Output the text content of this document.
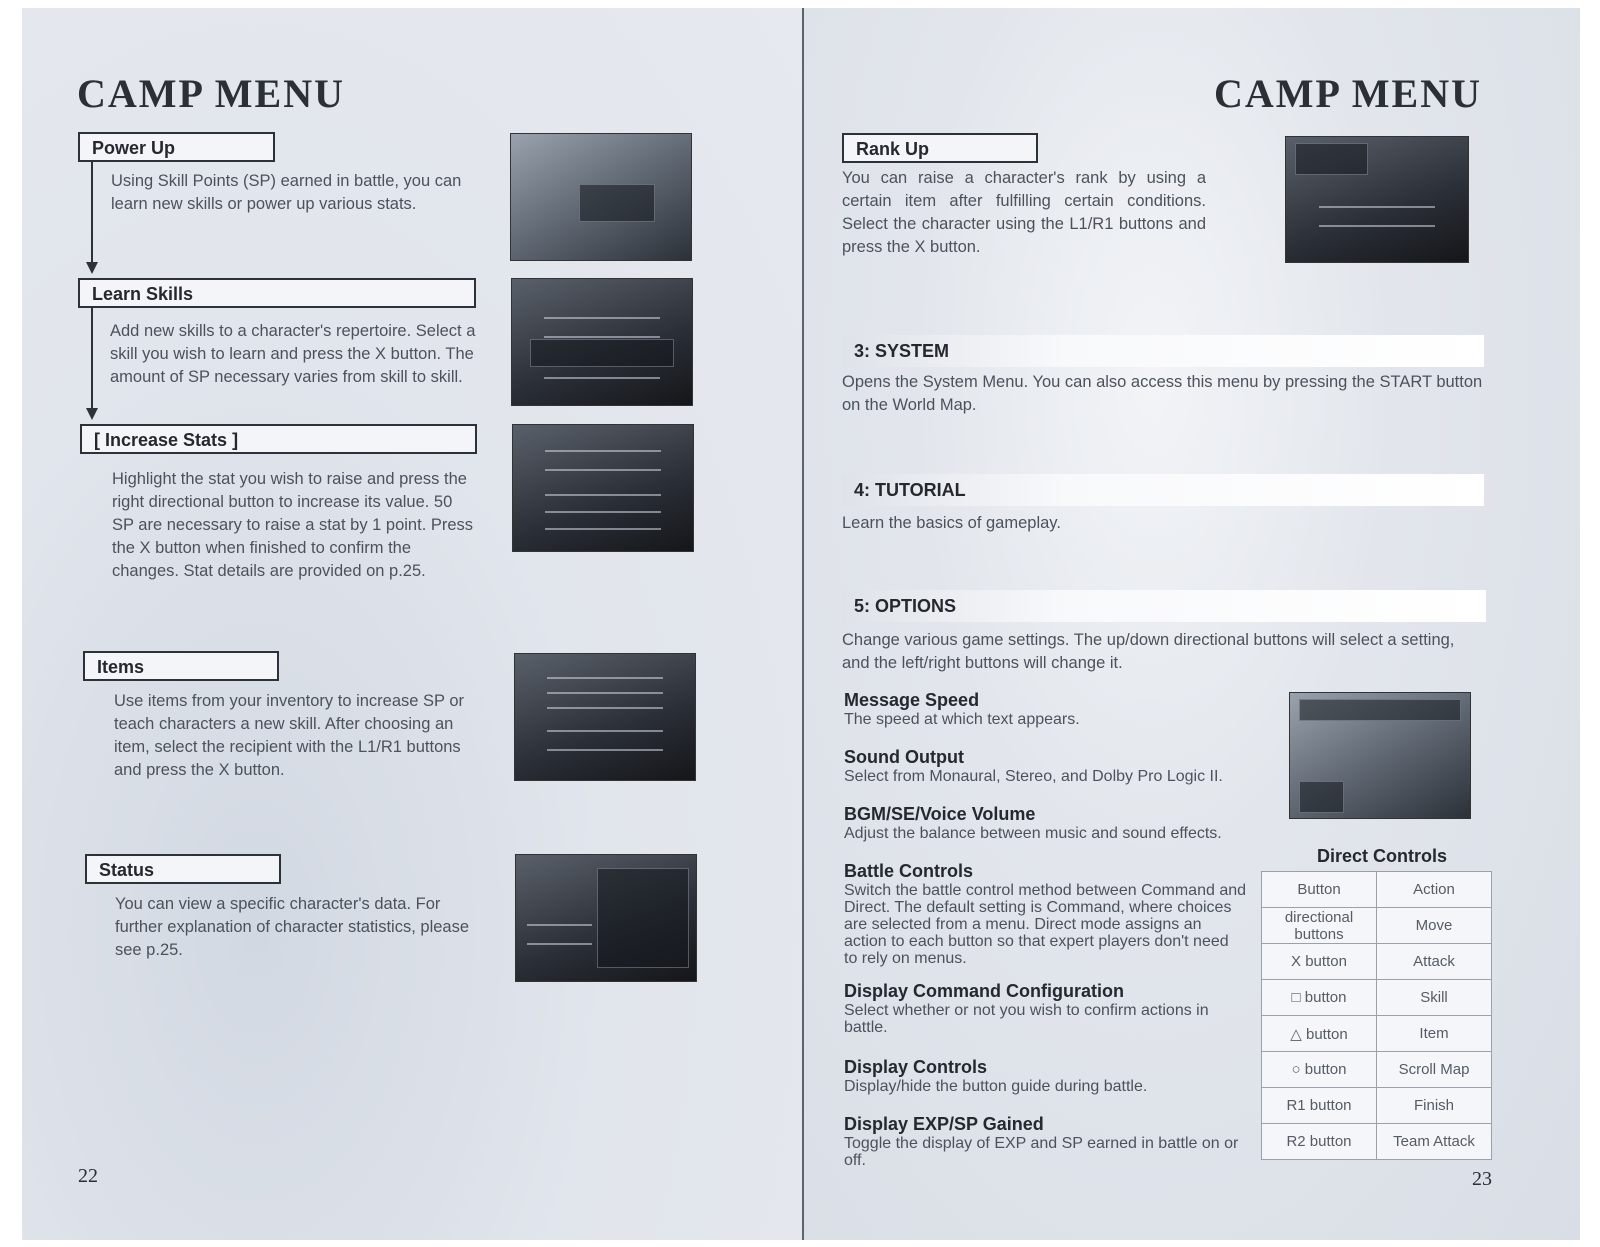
CAMP MENU
Power Up

Using Skill Points (SP) earned in battle, you can learn new skills or power up various stats.

Learn Skills

Add new skills to a character's repertoire. Select a skill you wish to learn and press the X button. The amount of SP necessary varies from skill to skill.

[ Increase Stats ]

Highlight the stat you wish to raise and press the right directional button to increase its value. 50 SP are necessary to raise a stat by 1 point. Press the X button when finished to confirm the changes. Stat details are provided on p.25.

Items

Use items from your inventory to increase SP or teach characters a new skill. After choosing an item, select the recipient with the L1/R1 buttons and press the X button.

Status

You can view a specific character's data. For further explanation of character statistics, please see p.25.

22
CAMP MENU
Rank Up

You can raise a character's rank by using a certain item after fulfilling certain conditions. Select the character using the L1/R1 buttons and press the X button.

3: SYSTEM

Opens the System Menu. You can also access this menu by pressing the START button on the World Map.

4: TUTORIAL

Learn the basics of gameplay.

5: OPTIONS

Change various game settings. The up/down directional buttons will select a setting, and the left/right buttons will change it.

Message Speed

The speed at which text appears.

Sound Output

Select from Monaural, Stereo, and Dolby Pro Logic II.

BGM/SE/Voice Volume

Adjust the balance between music and sound effects.

Battle Controls

Switch the battle control method between Command and Direct. The default setting is Command, where choices are selected from a menu. Direct mode assigns an action to each button so that expert players don't need to rely on menus.

Display Command Configuration

Select whether or not you wish to confirm actions in battle.

Display Controls

Display/hide the button guide during battle.

Display EXP/SP Gained

Toggle the display of EXP and SP earned in battle on or off.

Direct Controls
Button	Action
directional buttons	Move
X button	Attack
□ button	Skill
△ button	Item
○ button	Scroll Map
R1 button	Finish
R2 button	Team Attack
23
